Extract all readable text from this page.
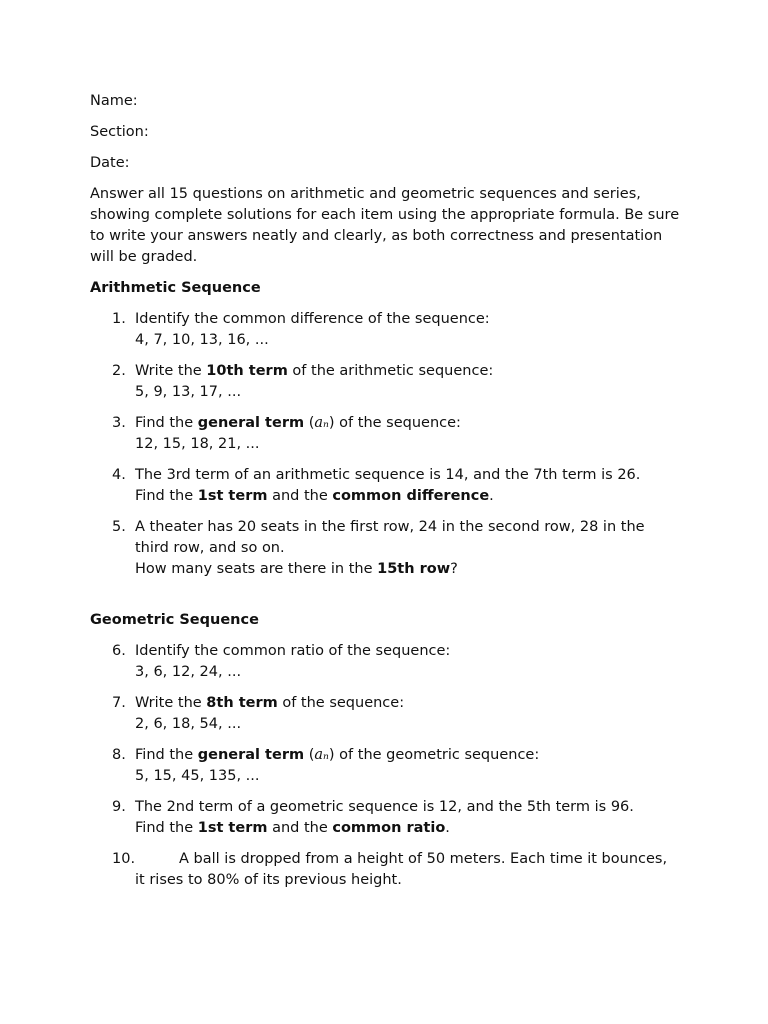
Name:

Section:

Date:

Answer all 15 questions on arithmetic and geometric sequences and series, showing complete solutions for each item using the appropriate formula. Be sure to write your answers neatly and clearly, as both correctness and presentation will be graded.

Arithmetic Sequence

1. Identify the common difference of the sequence:
4, 7, 10, 13, 16, ...
2. Write the 10th term of the arithmetic sequence:
5, 9, 13, 17, ...
3. Find the general term (aₙ) of the sequence:
12, 15, 18, 21, ...
4. The 3rd term of an arithmetic sequence is 14, and the 7th term is 26.
Find the 1st term and the common difference.
5. A theater has 20 seats in the first row, 24 in the second row, 28 in the third row, and so on.
How many seats are there in the 15th row?

Geometric Sequence

6. Identify the common ratio of the sequence:
3, 6, 12, 24, ...
7. Write the 8th term of the sequence:
2, 6, 18, 54, ...
8. Find the general term (aₙ) of the geometric sequence:
5, 15, 45, 135, ...
9. The 2nd term of a geometric sequence is 12, and the 5th term is 96.
Find the 1st term and the common ratio.
10.	A ball is dropped from a height of 50 meters. Each time it bounces, it rises to 80% of its previous height.
